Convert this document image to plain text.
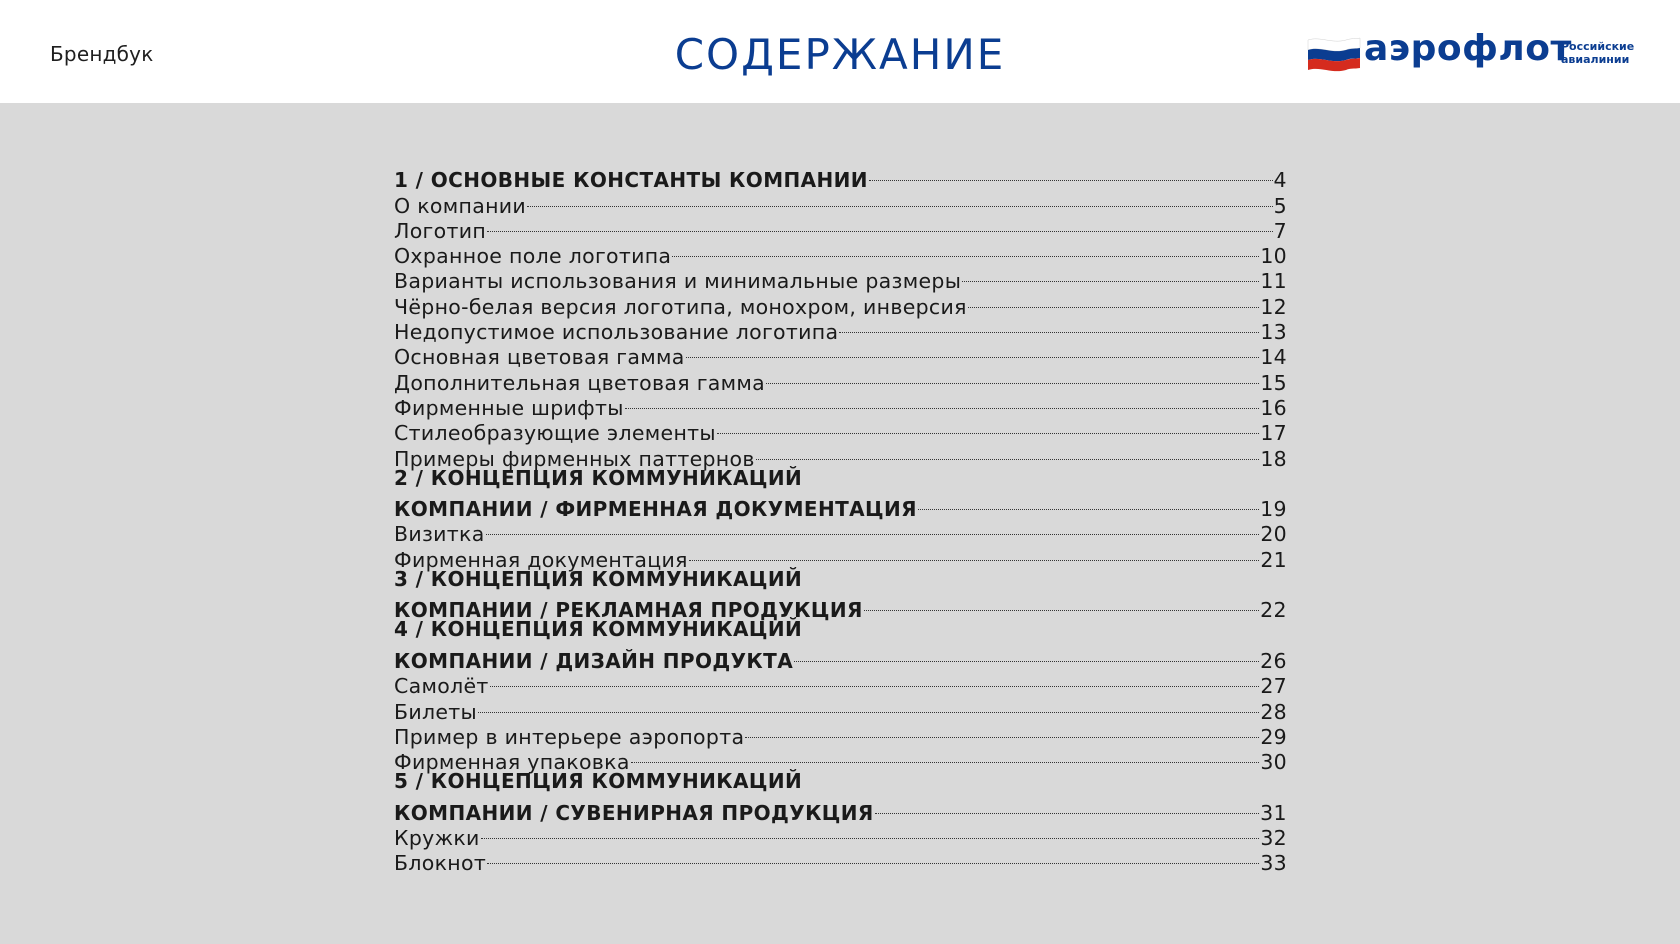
Брендбук	СОДЕРЖАНИЕ	аэрофлот
Российские
авиалинии
1 / ОСНОВНЫЕ КОНСТАНТЫ КОМПАНИИ	4
О компании	5
Логотип	7
Охранное поле логотипа	10
Варианты использования и минимальные размеры	11
Чёрно-белая версия логотипа, монохром, инверсия	12
Недопустимое использование логотипа	13
Основная цветовая гамма	14
Дополнительная цветовая гамма	15
Фирменные шрифты	16
Стилеобразующие элементы	17
Примеры фирменных паттернов	18
2 / КОНЦЕПЦИЯ КОММУНИКАЦИЙ
КОМПАНИИ / ФИРМЕННАЯ ДОКУМЕНТАЦИЯ	19
Визитка	20
Фирменная документация	21
3 / КОНЦЕПЦИЯ КОММУНИКАЦИЙ
КОМПАНИИ / РЕКЛАМНАЯ ПРОДУКЦИЯ	22
4 / КОНЦЕПЦИЯ КОММУНИКАЦИЙ
КОМПАНИИ / ДИЗАЙН ПРОДУКТА	26
Самолёт	27
Билеты	28
Пример в интерьере аэропорта	29
Фирменная упаковка	30
5 / КОНЦЕПЦИЯ КОММУНИКАЦИЙ
КОМПАНИИ / СУВЕНИРНАЯ ПРОДУКЦИЯ	31
Кружки	32
Блокнот	33
